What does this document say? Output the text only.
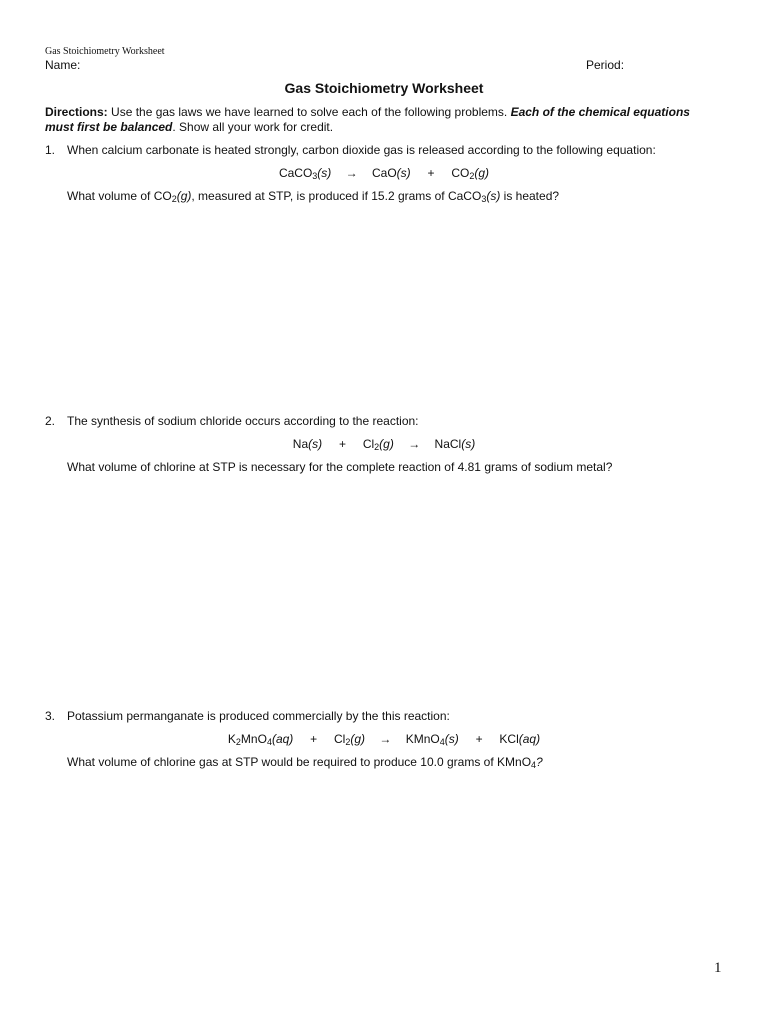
Gas Stoichiometry Worksheet
Name:	Period:
Gas Stoichiometry Worksheet
Directions: Use the gas laws we have learned to solve each of the following problems. Each of the chemical equations must first be balanced. Show all your work for credit.
1. When calcium carbonate is heated strongly, carbon dioxide gas is released according to the following equation:
CaCO$_3$(s) → $CaO(s) + CO_2(g)$
What volume of $CO_2(g)$, measured at STP, is produced if 15.2 grams of CaCO$_3$(s) is heated?
2. The synthesis of sodium chloride occurs according to the reaction:
$Na(s) + Cl_2(g)$ → NaCl(s)
What volume of chlorine at STP is necessary for the complete reaction of 4.81 grams of sodium metal?
3. Potassium permanganate is produced commercially by the this reaction:
$K_2MnO_4(aq) + Cl_2(g)$ → KMnO$_4$(s) + KCl(aq)
What volume of chlorine gas at STP would be required to produce 10.0 grams of KMnO$_4$?
1
